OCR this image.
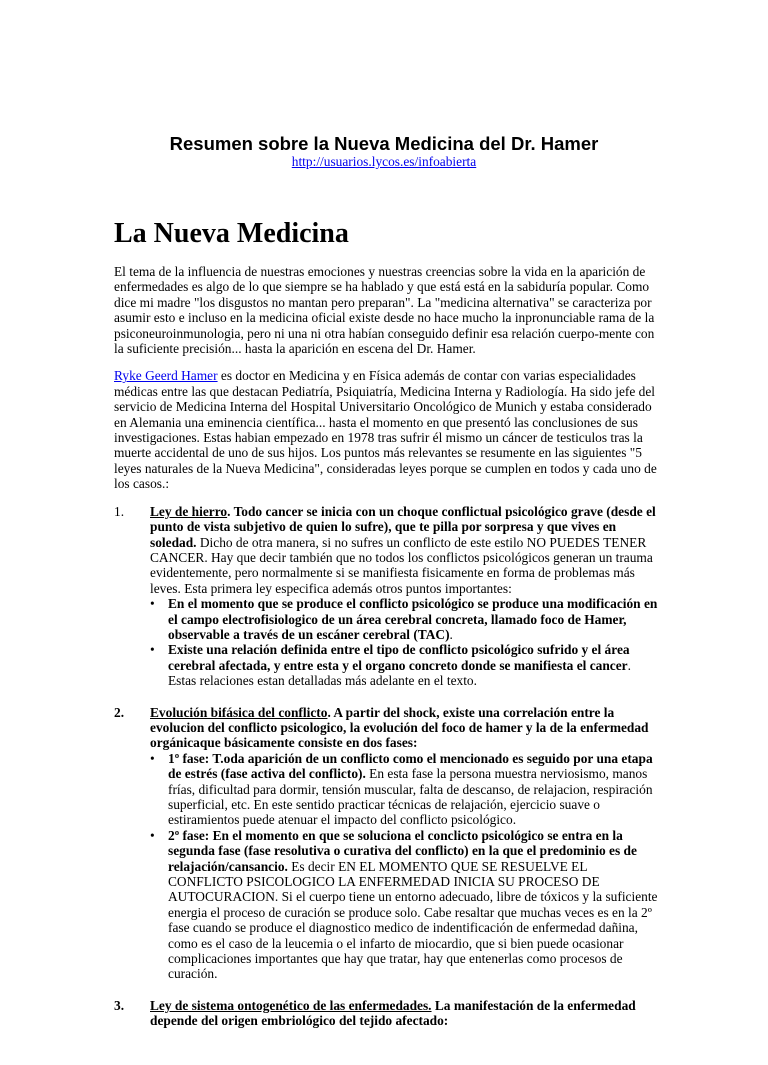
Resumen sobre la Nueva Medicina del Dr. Hamer
http://usuarios.lycos.es/infoabierta
La Nueva Medicina
El tema de la influencia de nuestras emociones y nuestras creencias sobre la vida en la aparición de enfermedades es algo de lo que siempre se ha hablado y que está está en la sabiduría popular. Como dice mi madre "los disgustos no mantan pero preparan". La "medicina alternativa" se caracteriza por asumir esto e incluso en la medicina oficial existe desde no hace mucho la inpronunciable rama de la psiconeuroinmunologia, pero ni una ni otra habían conseguido definir esa relación cuerpo-mente con la suficiente precisión... hasta la aparición en escena del Dr. Hamer.
Ryke Geerd Hamer es doctor en Medicina y en Física además de contar con varias especialidades médicas entre las que destacan Pediatría, Psiquiatría, Medicina Interna y Radiología. Ha sido jefe del servicio de Medicina Interna del Hospital Universitario Oncológico de Munich y estaba considerado en Alemania una eminencia científica... hasta el momento en que presentó las conclusiones de sus investigaciones. Estas habian empezado en 1978 tras sufrir él mismo un cáncer de testiculos tras la muerte accidental de uno de sus hijos. Los puntos más relevantes se resumente en las siguientes "5 leyes naturales de la Nueva Medicina", consideradas leyes porque se cumplen en todos y cada uno de los casos.:
1. Ley de hierro. Todo cancer se inicia con un choque conflictual psicológico grave (desde el punto de vista subjetivo de quien lo sufre), que te pilla por sorpresa y que vives en soledad. Dicho de otra manera, si no sufres un conflicto de este estilo NO PUEDES TENER CANCER. Hay que decir también que no todos los conflictos psicológicos generan un trauma evidentemente, pero normalmente si se manifiesta fisicamente en forma de problemas más leves. Esta primera ley especifica además otros puntos importantes:
• En el momento que se produce el conflicto psicológico se produce una modificación en el campo electrofisiologico de un área cerebral concreta, llamado foco de Hamer, observable a través de un escáner cerebral (TAC).
• Existe una relación definida entre el tipo de conflicto psicológico sufrido y el área cerebral afectada, y entre esta y el organo concreto donde se manifiesta el cancer. Estas relaciones estan detalladas más adelante en el texto.
2. Evolución bifásica del conflicto. A partir del shock, existe una correlación entre la evolucion del conflicto psicologico, la evolución del foco de hamer y la de la enfermedad orgánicaque básicamente consiste en dos fases:
• 1º fase: T.oda aparición de un conflicto como el mencionado es seguido por una etapa de estrés (fase activa del conflicto). En esta fase la persona muestra nerviosismo, manos frías, dificultad para dormir, tensión muscular, falta de descanso, de relajacion, respiración superficial, etc. En este sentido practicar técnicas de relajación, ejercicio suave o estiramientos puede atenuar el impacto del conflicto psicológico.
• 2º fase: En el momento en que se soluciona el conclicto psicológico se entra en la segunda fase (fase resolutiva o curativa del conflicto) en la que el predominio es de relajación/cansancio. Es decir EN EL MOMENTO QUE SE RESUELVE EL CONFLICTO PSICOLOGICO LA ENFERMEDAD INICIA SU PROCESO DE AUTOCURACION. Si el cuerpo tiene un entorno adecuado, libre de tóxicos y la suficiente energia el proceso de curación se produce solo. Cabe resaltar que muchas veces es en la 2º fase cuando se produce el diagnostico medico de indentificación de enfermedad dañina, como es el caso de la leucemia o el infarto de miocardio, que si bien puede ocasionar complicaciones importantes que hay que tratar, hay que entenerlas como procesos de curación.
3. Ley de sistema ontogenético de las enfermedades. La manifestación de la enfermedad depende del origen embriológico del tejido afectado:
